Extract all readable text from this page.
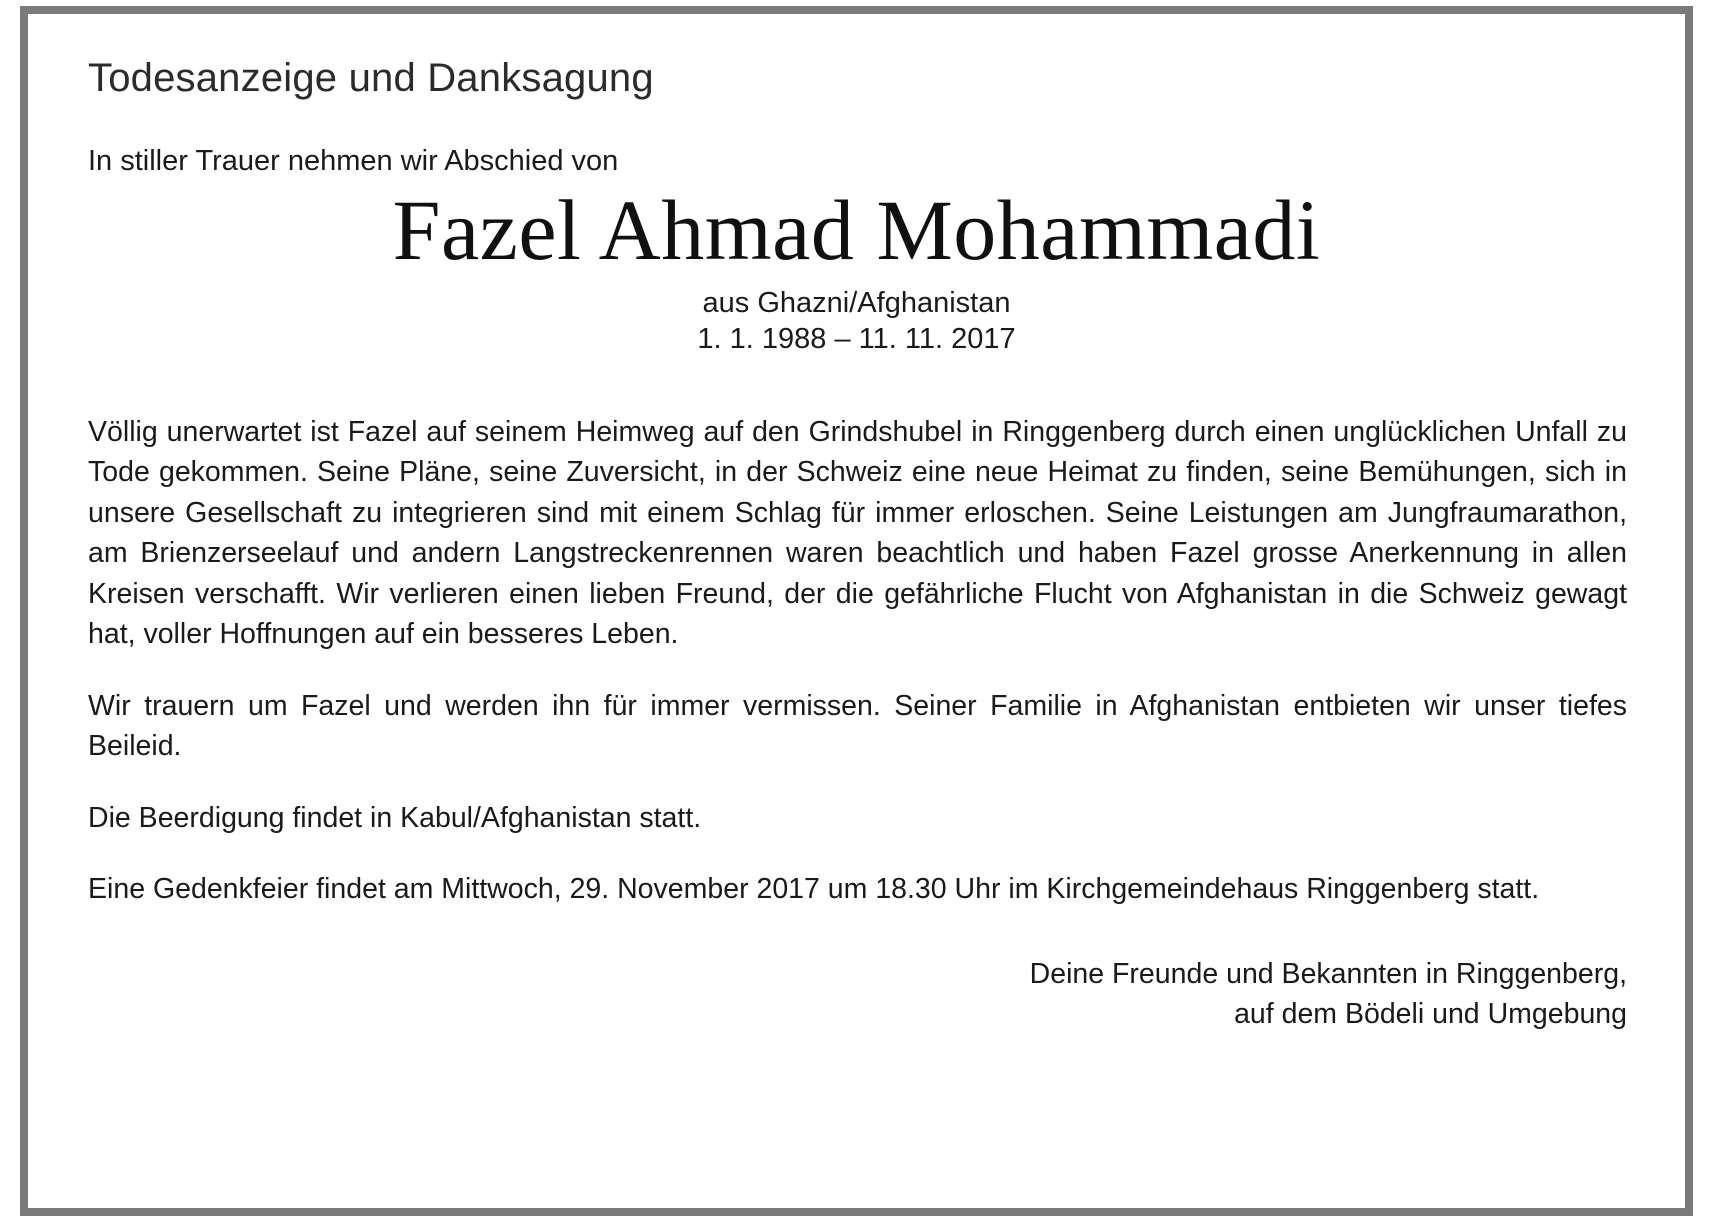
Todesanzeige und Danksagung
In stiller Trauer nehmen wir Abschied von
Fazel Ahmad Mohammadi
aus Ghazni/Afghanistan
1. 1. 1988 – 11. 11. 2017

Völlig unerwartet ist Fazel auf seinem Heimweg auf den Grindshubel in Ringgenberg durch einen unglücklichen Unfall zu Tode gekommen. Seine Pläne, seine Zuversicht, in der Schweiz eine neue Heimat zu finden, seine Bemühungen, sich in unsere Gesellschaft zu integrieren sind mit einem Schlag für immer erloschen. Seine Leistungen am Jungfraumarathon, am Brienzerseelauf und andern Langstreckenrennen waren beachtlich und haben Fazel grosse Anerkennung in allen Kreisen verschafft. Wir verlieren einen lieben Freund, der die gefährliche Flucht von Afghanistan in die Schweiz gewagt hat, voller Hoffnungen auf ein besseres Leben.

Wir trauern um Fazel und werden ihn für immer vermissen. Seiner Familie in Afghanistan entbieten wir unser tiefes Beileid.

Die Beerdigung findet in Kabul/Afghanistan statt.

Eine Gedenkfeier findet am Mittwoch, 29. November 2017 um 18.30 Uhr im Kirchgemeindehaus Ringgenberg statt.

Deine Freunde und Bekannten in Ringgenberg,
auf dem Bödeli und Umgebung
